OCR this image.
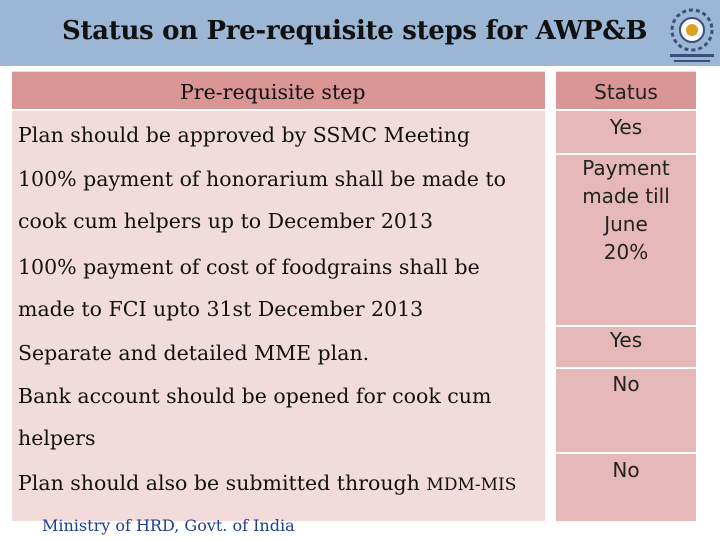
Status on Pre-requisite steps for AWP&B
Pre-requisite step	Status
Plan should be approved by SSMC Meeting	Yes
100% payment of honorarium shall be made to
cook cum helpers up to December 2013
100% payment of cost of foodgrains shall be
made to FCI upto 31st December 2013
Payment
made till
June
20%
Separate and detailed MME plan.
Yes
Bank account should be opened for cook cum
helpers
No
Plan should also be submitted through MDM-MIS
No
Ministry of HRD, Govt. of India
